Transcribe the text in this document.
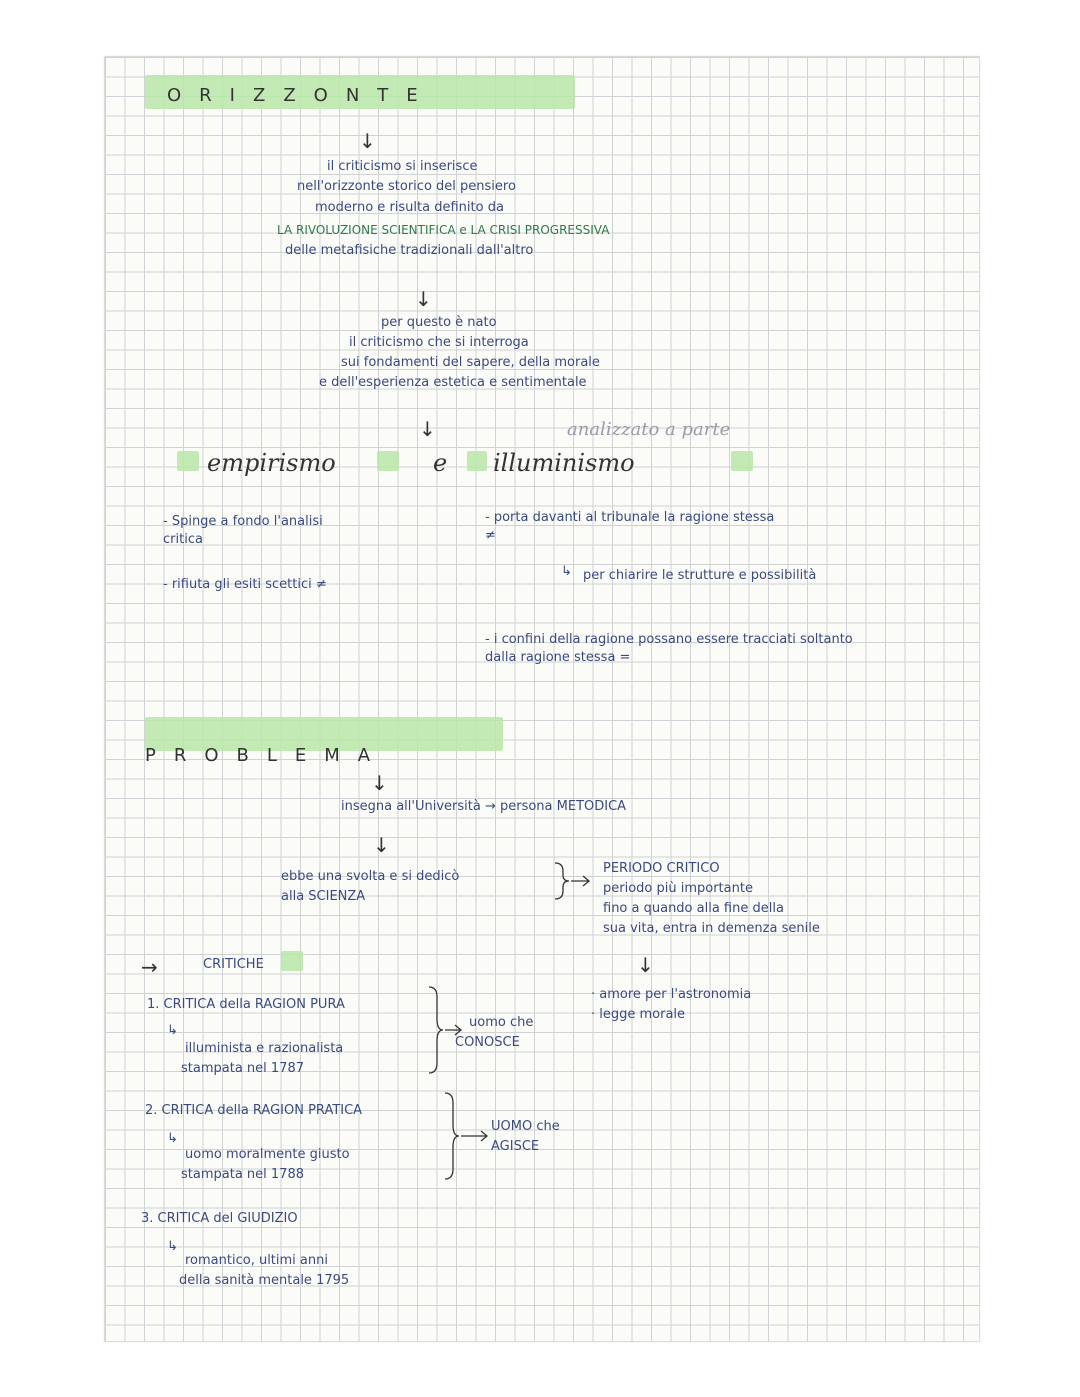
ORIZZONTE
↓
il criticismo si inserisce
nell'orizzonte storico del pensiero
moderno e risulta definito da
LA RIVOLUZIONE SCIENTIFICA e LA CRISI PROGRESSIVA
delle metafisiche tradizionali dall'altro
↓
per questo è nato
il criticismo che si interroga
sui fondamenti del sapere, della morale
e dell'esperienza estetica e sentimentale
analizzato a parte
↓
empirismo	e illuminismo
- Spinge a fondo l'analisi critica
- rifiuta gli esiti scettici ≠
- porta davanti al tribunale la ragione stessa ≠
per chiarire le strutture e possibilità
↳
- i confini della ragione possano essere tracciati soltanto dalla ragione stessa =
PROBLEMA
↓
insegna all'Università → persona METODICA
↓
ebbe una svolta e si dedicò
alla SCIENZA
PERIODO CRITICO
periodo più importante
fino a quando alla fine della
sua vita, entra in demenza senile
↓
· amore per l'astronomia
· legge morale
→	CRITICHE
1. CRITICA della RAGION PURA
↳
illuminista e razionalista
stampata nel 1787
uomo che
CONOSCE
2. CRITICA della RAGION PRATICA
↳
uomo moralmente giusto
stampata nel 1788
UOMO che
AGISCE
3. CRITICA del GIUDIZIO
↳
romantico, ultimi anni
della sanità mentale 1795
